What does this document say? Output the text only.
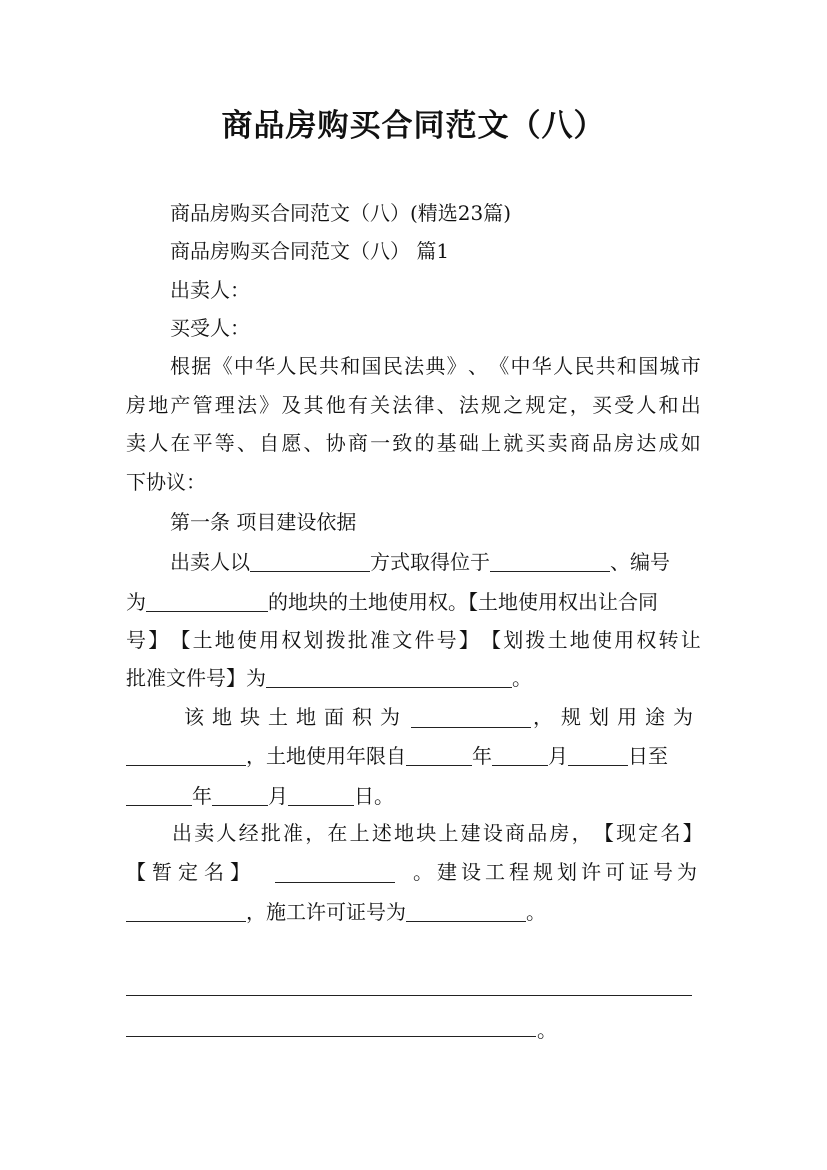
商品房购买合同范文（八）
商品房购买合同范文（八）(精选23篇)
商品房购买合同范文（八） 篇1
出卖人：
买受人：
根 据 《 中 华 人 民 共 和 国 民 法 典 》 、 《 中 华 人 民 共 和 国 城 市
房 地 产 管 理 法 》 及 其 他 有 关 法 律 、 法 规 之 规 定 ， 买 受 人 和 出
卖 人 在 平 等 、 自 愿 、 协 商 一 致 的 基 础 上 就 买 卖 商 品 房 达 成 如
下协议：
第一条 项目建设依据
出卖人以	方式取得位于	、编号
为	的地块的土地使用权。【土地使用权出让合同
号 】 【 土 地 使 用 权 划 拨 批 准 文 件 号 】 【 划 拨 土 地 使 用 权 转 让
批准文件号】为	。
该地块土地面积为	，规划用途为
，土地使用年限自	年	月	日至
年	月	日。
出 卖 人 经 批 准 ， 在 上 述 地 块 上 建 设 商 品 房 ， 【 现 定 名 】
【暂定名】	。建设工程规划许可证号为
，施工许可证号为	。
。
